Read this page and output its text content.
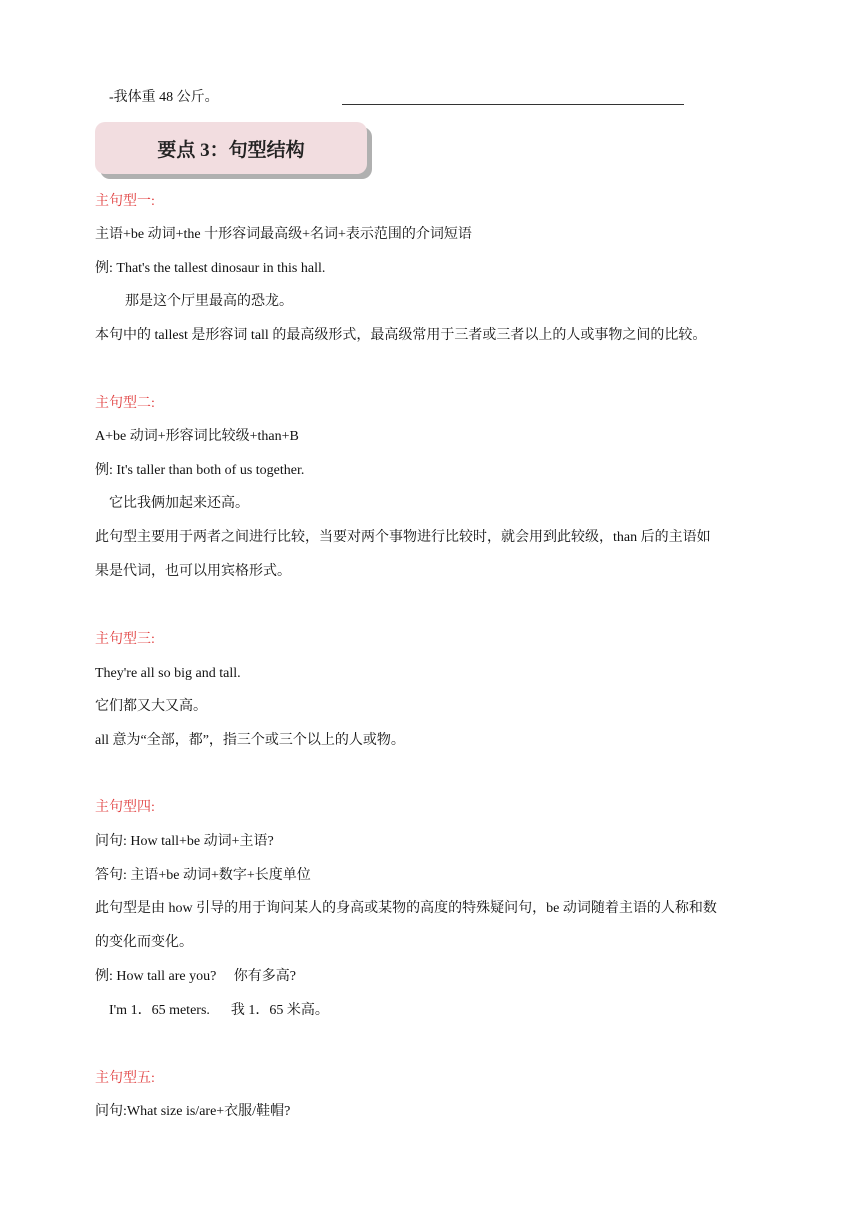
-我体重 48 公斤。
要点 3：句型结构
主句型一:
主语+be 动词+the 十形容词最高级+名词+表示范围的介词短语
例: That's the tallest dinosaur in this hall.
那是这个厅里最高的恐龙。
本句中的 tallest 是形容词 tall 的最高级形式，最高级常用于三者或三者以上的人或事物之间的比较。
主句型二:
A+be 动词+形容词比较级+than+B
例: It's taller than both of us together.
它比我俩加起来还高。
此句型主要用于两者之间进行比较，当要对两个事物进行比较时，就会用到此较级，than 后的主语如
果是代词，也可以用宾格形式。
主句型三:
They're all so big and tall.
它们都又大又高。
all 意为“全部，都”，指三个或三个以上的人或物。
主句型四:
问句: How tall+be 动词+主语?
答句: 主语+be 动词+数字+长度单位
此句型是由 how 引导的用于询问某人的身高或某物的高度的特殊疑问句，be 动词随着主语的人称和数
的变化而变化。
例: How tall are you?     你有多高?
I'm 1．65 meters.      我 1．65 米高。
主句型五:
问句:What size is/are+衣服/鞋帽?
